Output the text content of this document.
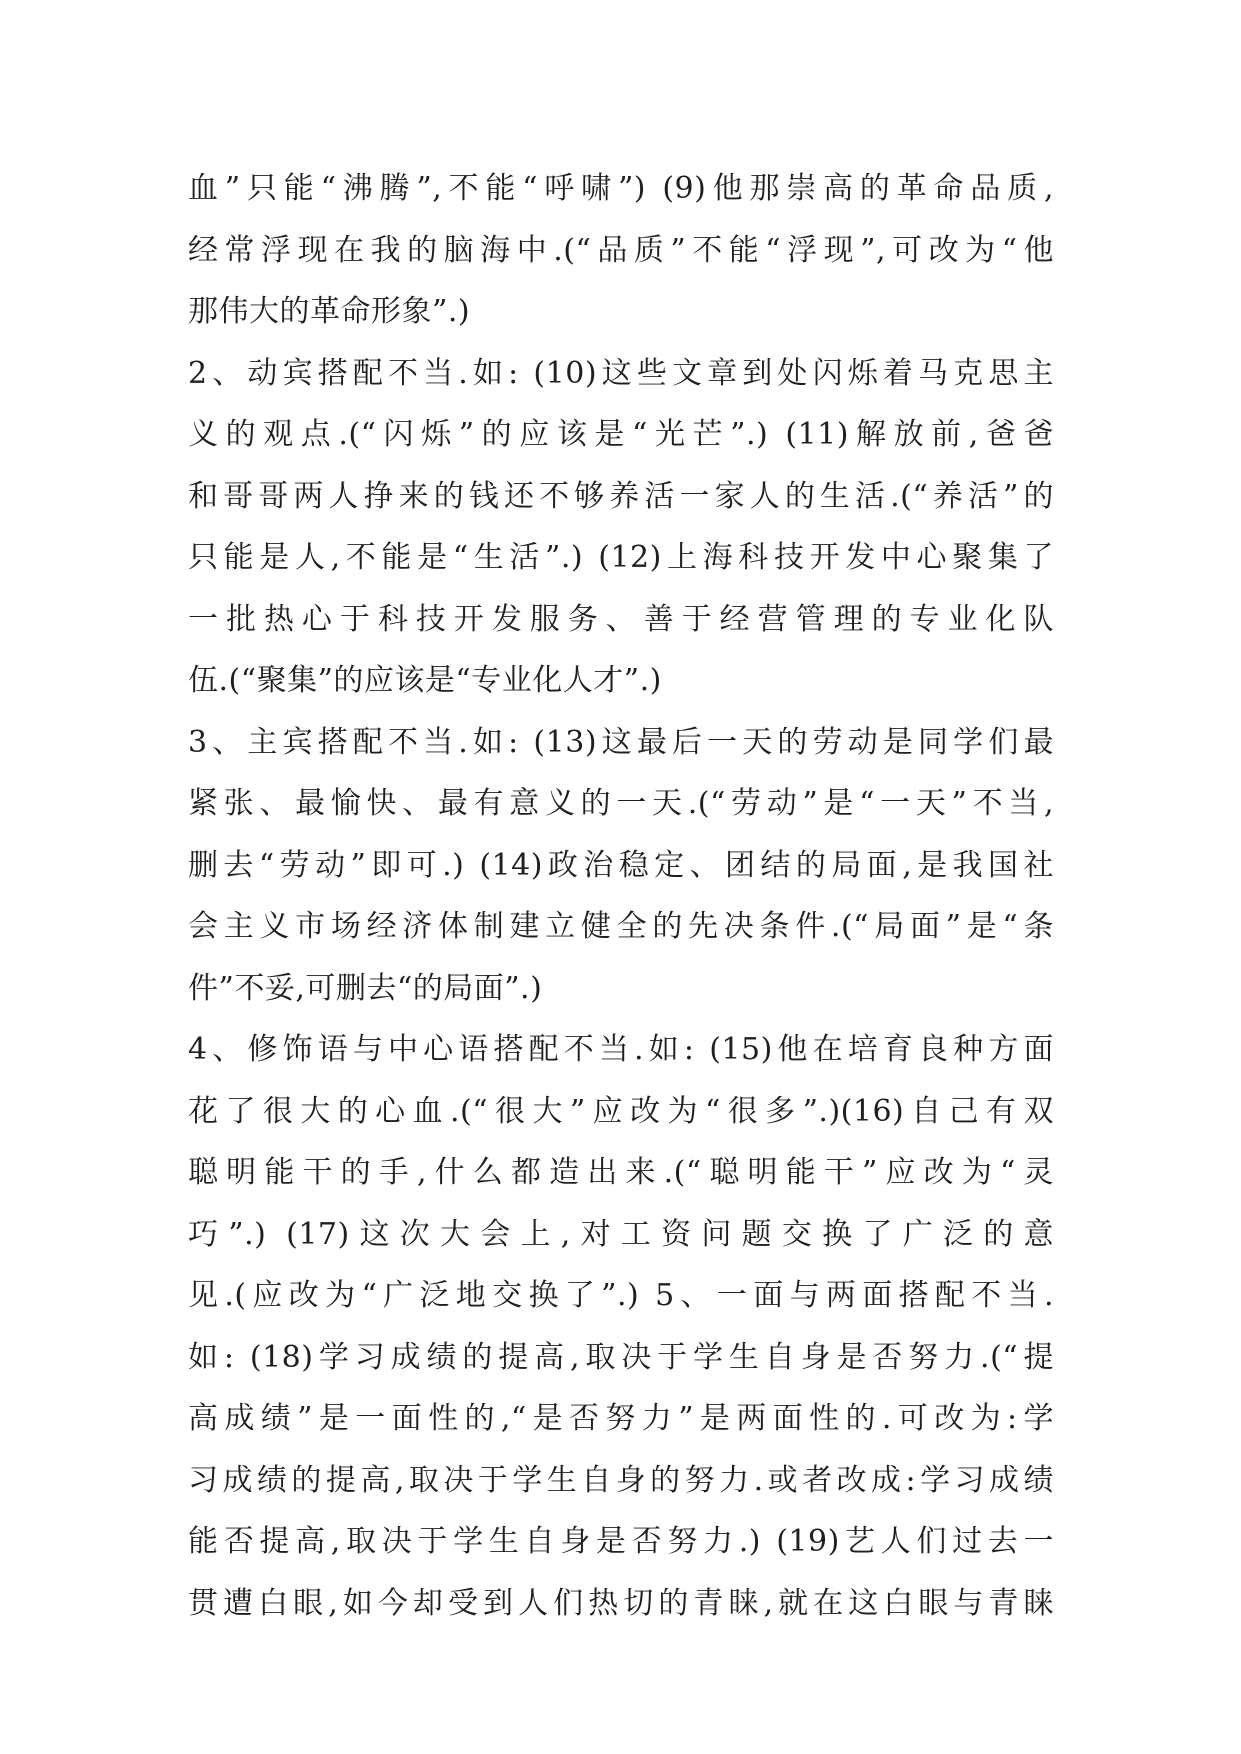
血”只能“沸腾”,不能“呼啸”) (9)他那崇高的革命品质,
经常浮现在我的脑海中.(“品质”不能“浮现”,可改为“他
那伟大的革命形象”.)
2、动宾搭配不当.如: (10)这些文章到处闪烁着马克思主
义的观点.(“闪烁”的应该是“光芒”.) (11)解放前,爸爸
和哥哥两人挣来的钱还不够养活一家人的生活.(“养活”的
只能是人,不能是“生活”.) (12)上海科技开发中心聚集了
一批热心于科技开发服务、善于经营管理的专业化队
伍.(“聚集”的应该是“专业化人才”.)
3、主宾搭配不当.如: (13)这最后一天的劳动是同学们最
紧张、最愉快、最有意义的一天.(“劳动”是“一天”不当,
删去“劳动”即可.) (14)政治稳定、团结的局面,是我国社
会主义市场经济体制建立健全的先决条件.(“局面”是“条
件”不妥,可删去“的局面”.)
4、修饰语与中心语搭配不当.如: (15)他在培育良种方面
花了很大的心血.(“很大”应改为“很多”.)(16)自己有双
聪明能干的手,什么都造出来.(“聪明能干”应改为“灵
巧”.) (17)这次大会上,对工资问题交换了广泛的意
见.(应改为“广泛地交换了”.) 5、一面与两面搭配不当.
如: (18)学习成绩的提高,取决于学生自身是否努力.(“提
高成绩”是一面性的,“是否努力”是两面性的.可改为:学
习成绩的提高,取决于学生自身的努力.或者改成:学习成绩
能否提高,取决于学生自身是否努力.) (19)艺人们过去一
贯遭白眼,如今却受到人们热切的青睐,就在这白眼与青睐
